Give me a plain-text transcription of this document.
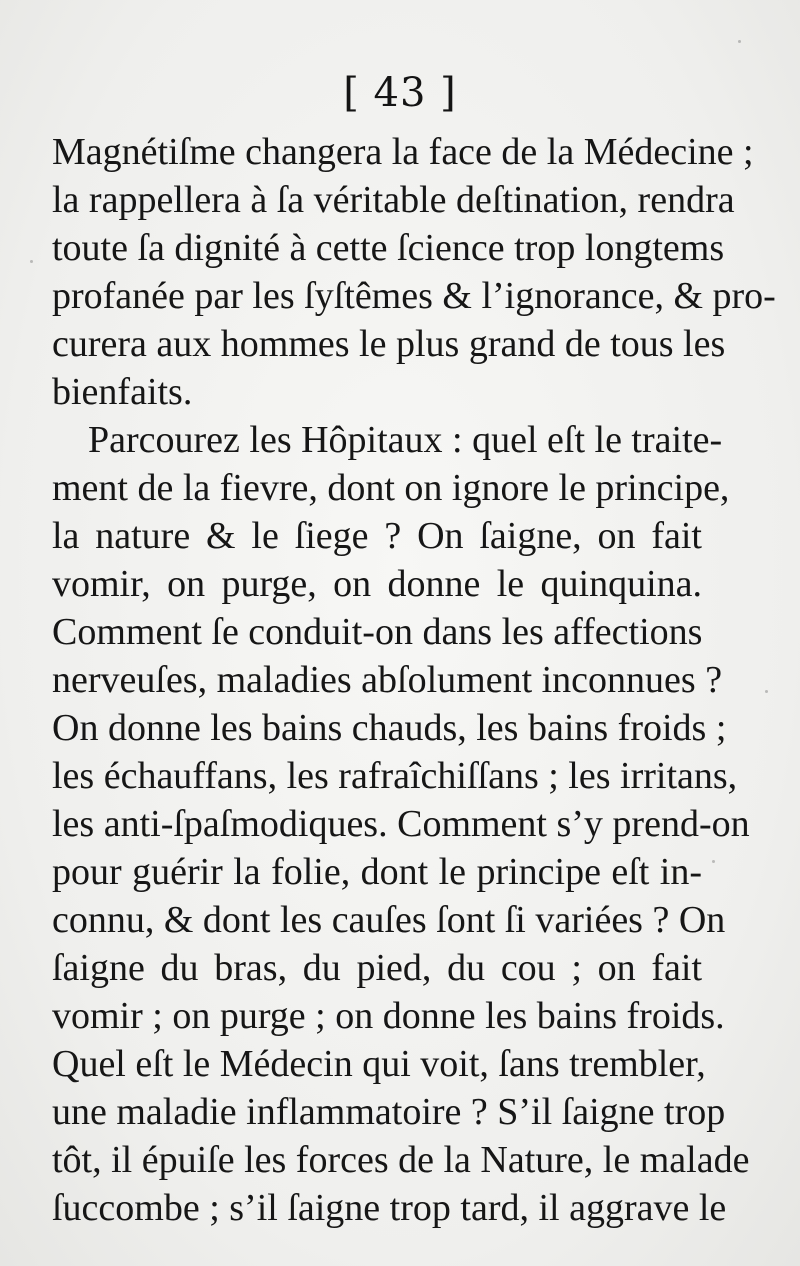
[ 43 ]
Magnétiſme changera la face de la Médecine ;
la rappellera à ſa véritable deſtination, rendra
toute ſa dignité à cette ſcience trop longtems
profanée par les ſyſtêmes & l’ignorance, & pro-
curera aux hommes le plus grand de tous les
bienfaits.
Parcourez les Hôpitaux : quel eſt le traite-
ment de la fievre, dont on ignore le principe,
la nature & le ſiege ? On ſaigne, on fait
vomir, on purge, on donne le quinquina.
Comment ſe conduit-on dans les affections
nerveuſes, maladies abſolument inconnues ?
On donne les bains chauds, les bains froids ;
les échauffans, les rafraîchiſſans ; les irritans,
les anti-ſpaſmodiques. Comment s’y prend-on
pour guérir la folie, dont le principe eſt in-
connu, & dont les cauſes ſont ſi variées ? On
ſaigne du bras, du pied, du cou ; on fait
vomir ; on purge ; on donne les bains froids.
Quel eſt le Médecin qui voit, ſans trembler,
une maladie inflammatoire ? S’il ſaigne trop
tôt, il épuiſe les forces de la Nature, le malade
ſuccombe ; s’il ſaigne trop tard, il aggrave le
